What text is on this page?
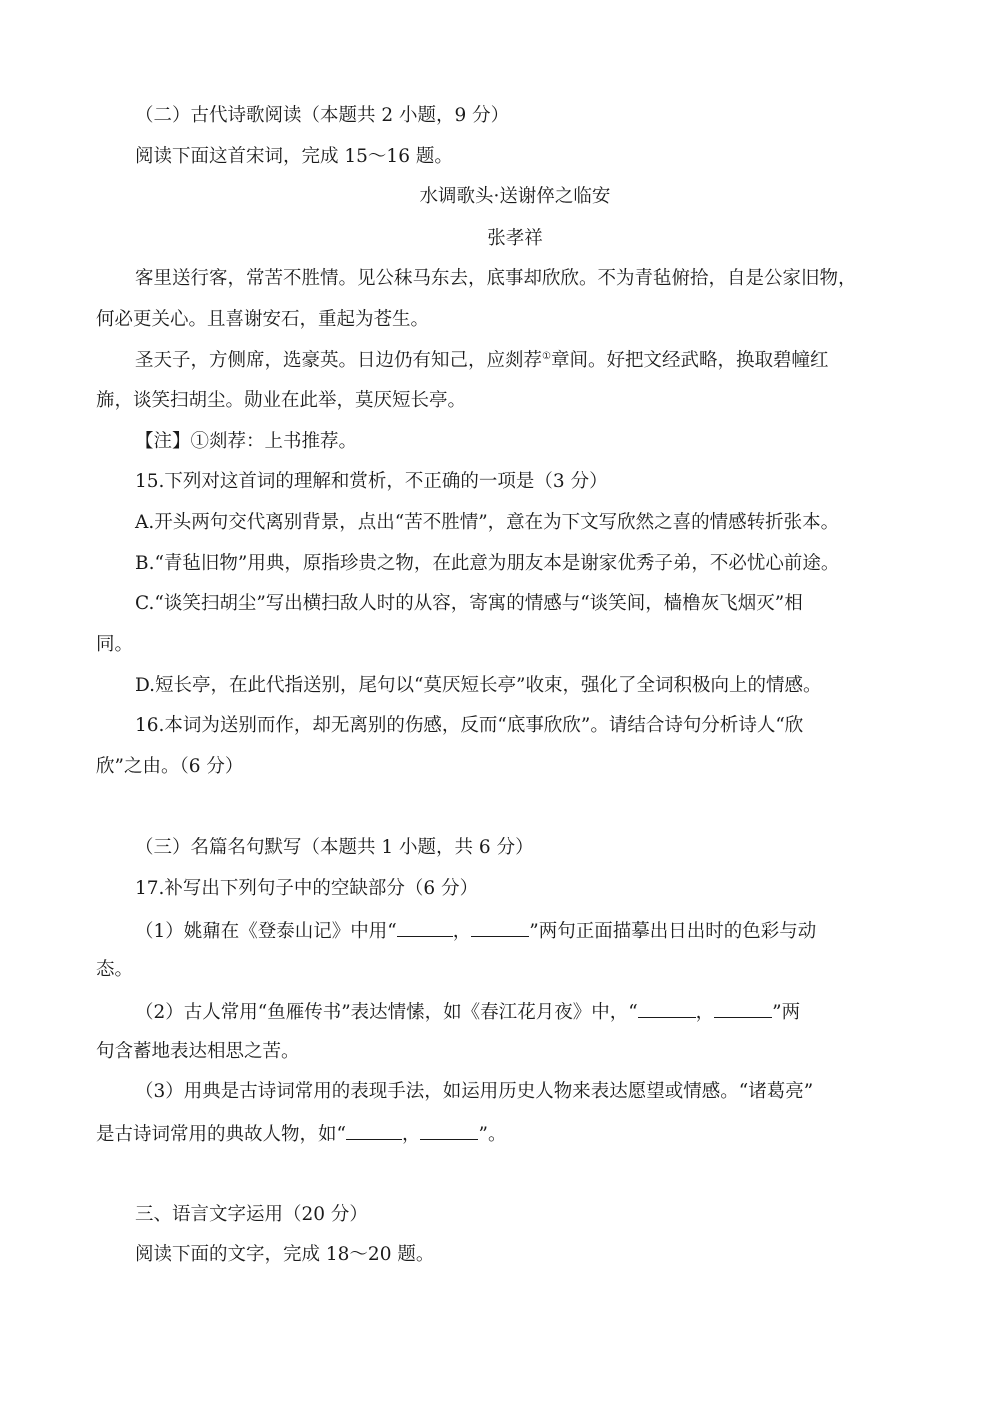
（二）古代诗歌阅读（本题共 2 小题，9 分）
阅读下面这首宋词，完成 15～16 题。
水调歌头·送谢倅之临安
张孝祥
客里送行客，常苦不胜情。见公秣马东去，底事却欣欣。不为青毡俯拾，自是公家旧物，
何必更关心。且喜谢安石，重起为苍生。
圣天子，方侧席，选豪英。日边仍有知己，应剡荐①章间。好把文经武略，换取碧幢红
旆，谈笑扫胡尘。勋业在此举，莫厌短长亭。
【注】①剡荐：上书推荐。
15.下列对这首词的理解和赏析，不正确的一项是（3 分）
A.开头两句交代离别背景，点出“苦不胜情”，意在为下文写欣然之喜的情感转折张本。
B.“青毡旧物”用典，原指珍贵之物，在此意为朋友本是谢家优秀子弟，不必忧心前途。
C.“谈笑扫胡尘”写出横扫敌人时的从容，寄寓的情感与“谈笑间，樯橹灰飞烟灭”相
同。
D.短长亭，在此代指送别，尾句以“莫厌短长亭”收束，强化了全词积极向上的情感。
16.本词为送别而作，却无离别的伤感，反而“底事欣欣”。请结合诗句分析诗人“欣
欣”之由。（6 分）
（三）名篇名句默写（本题共 1 小题，共 6 分）
17.补写出下列句子中的空缺部分（6 分）
（1）姚鼐在《登泰山记》中用“	，	”两句正面描摹出日出时的色彩与动
态。
（2）古人常用“鱼雁传书”表达情愫，如《春江花月夜》中，“	，	”两
句含蓄地表达相思之苦。
（3）用典是古诗词常用的表现手法，如运用历史人物来表达愿望或情感。“诸葛亮”
是古诗词常用的典故人物，如“	，	”。
三、语言文字运用（20 分）
阅读下面的文字，完成 18～20 题。
